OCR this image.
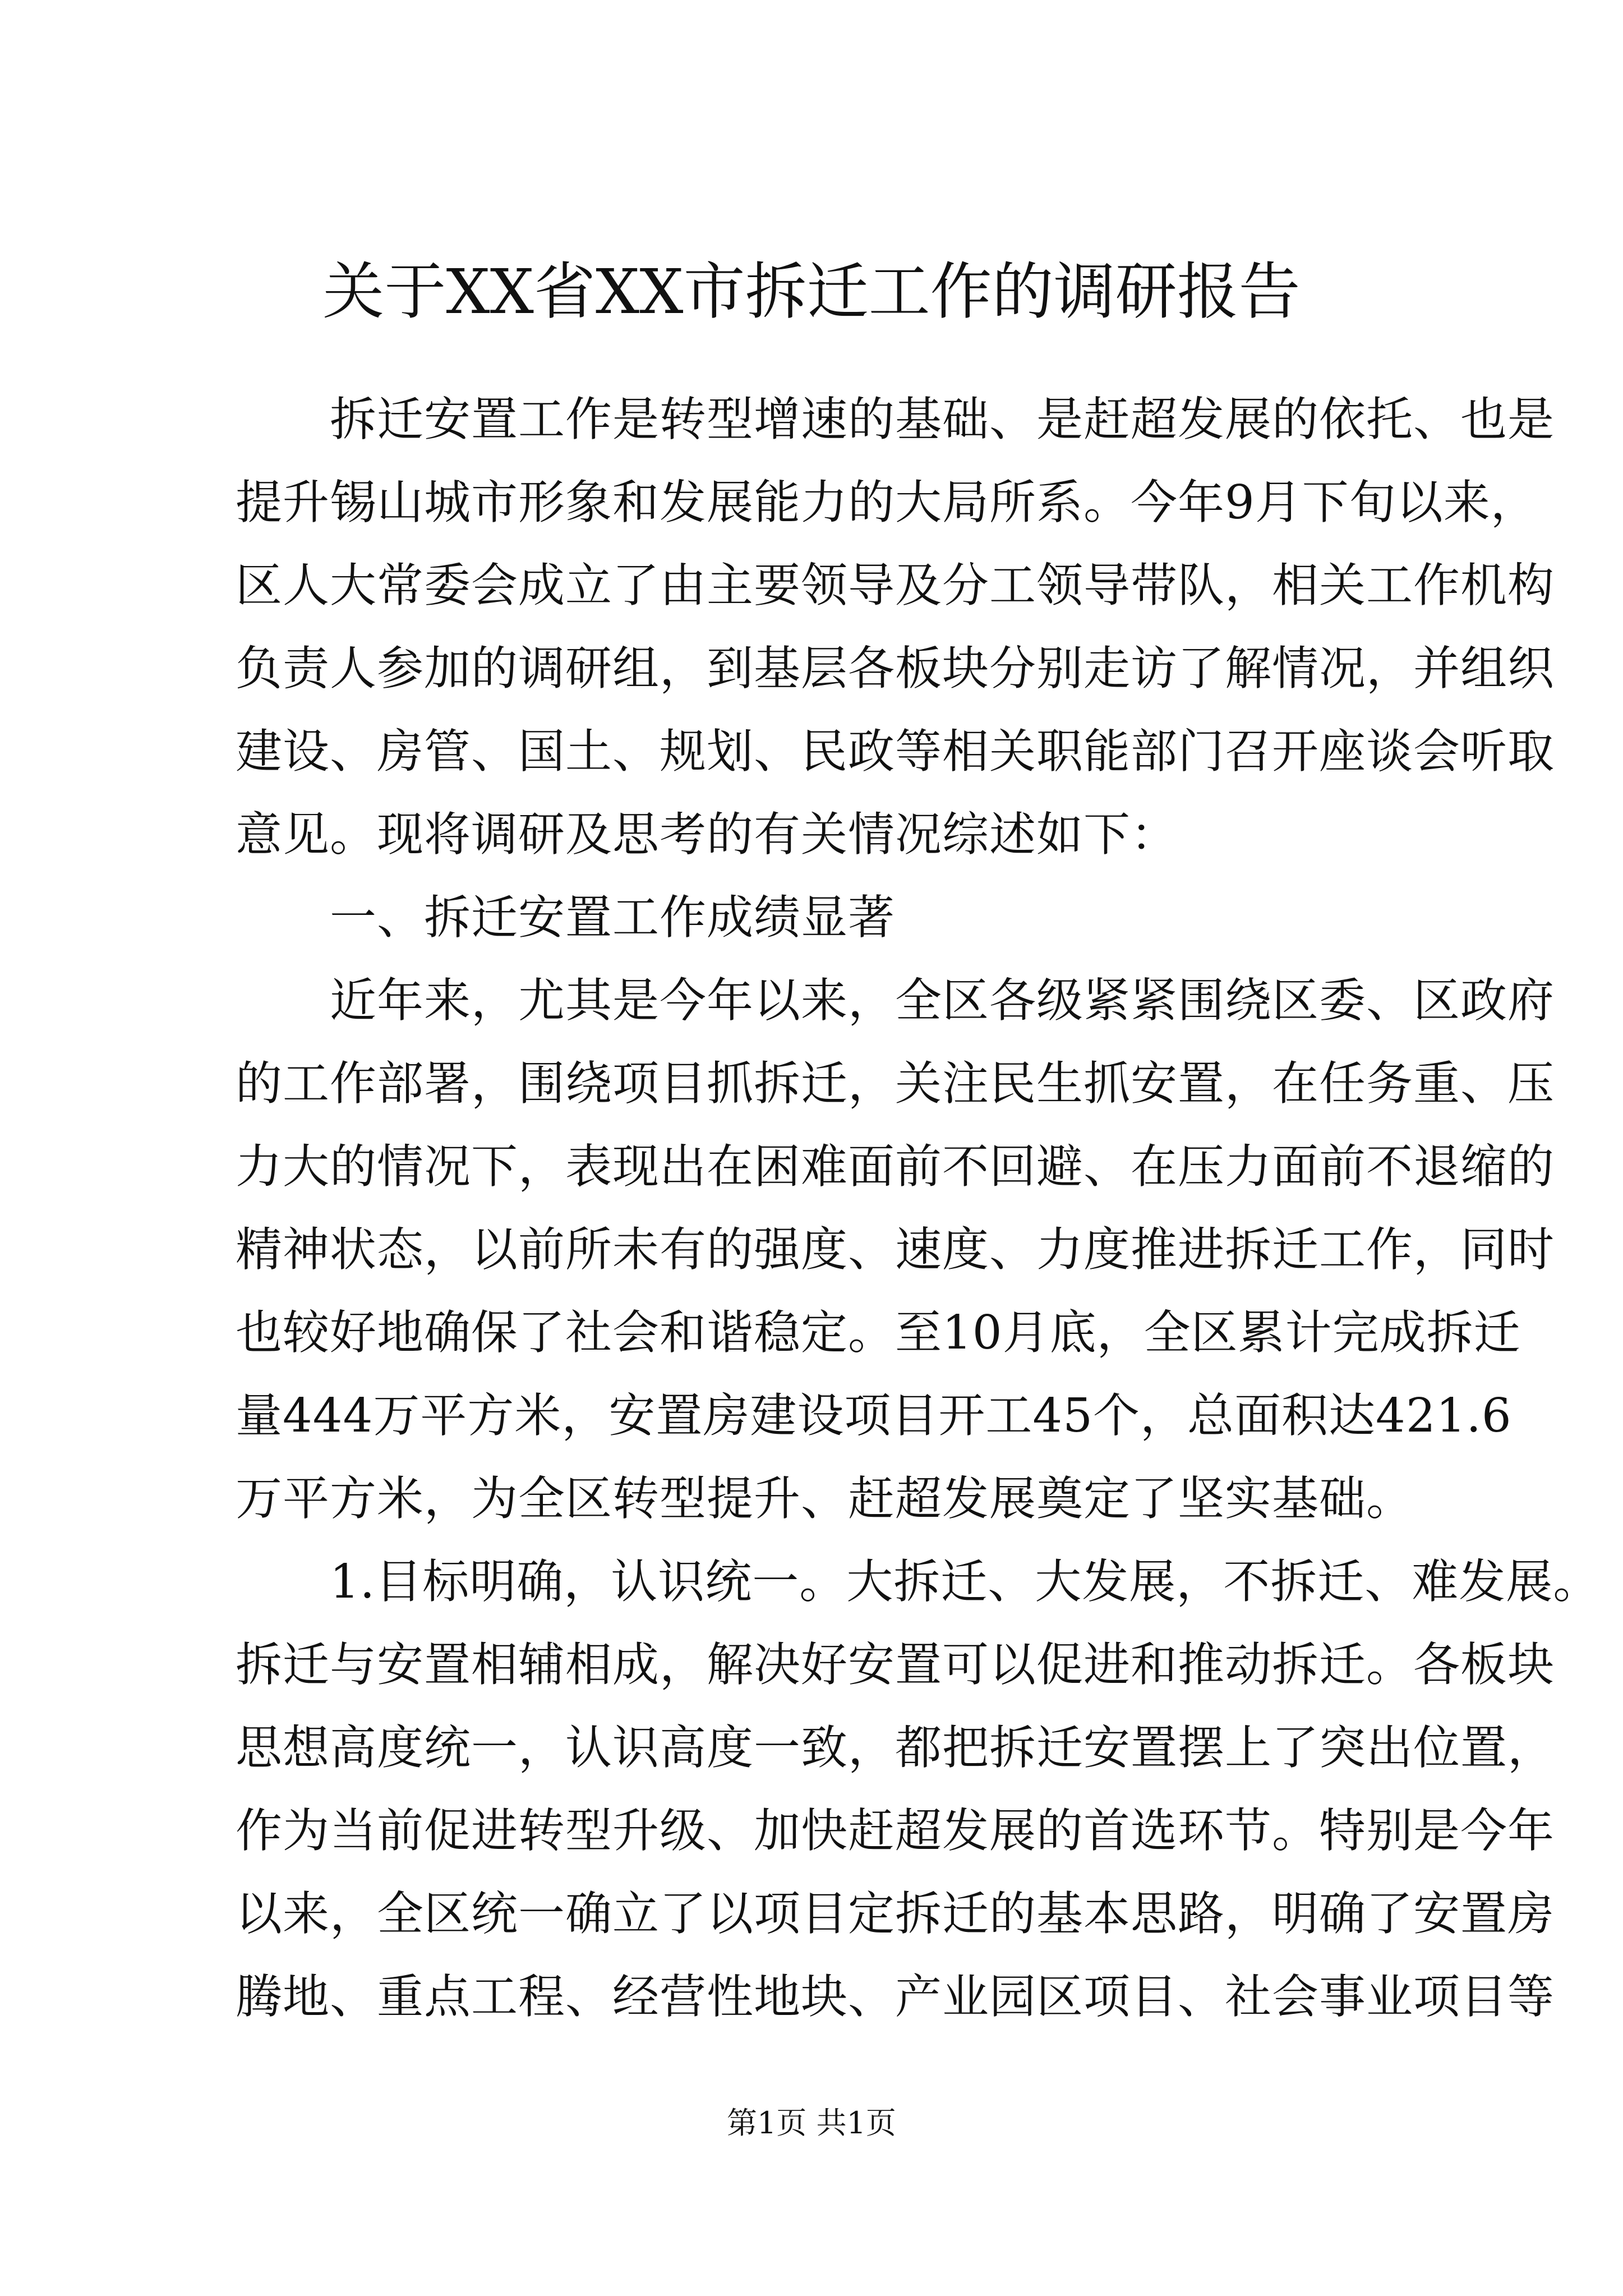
关于XX省XX市拆迁工作的调研报告

　　拆迁安置工作是转型增速的基础、是赶超发展的依托、也是

提升锡山城市形象和发展能力的大局所系。今年9月下旬以来，

区人大常委会成立了由主要领导及分工领导带队，相关工作机构

负责人参加的调研组，到基层各板块分别走访了解情况，并组织

建设、房管、国土、规划、民政等相关职能部门召开座谈会听取

意见。现将调研及思考的有关情况综述如下：

　　一、拆迁安置工作成绩显著

　　近年来，尤其是今年以来，全区各级紧紧围绕区委、区政府

的工作部署，围绕项目抓拆迁，关注民生抓安置，在任务重、压

力大的情况下，表现出在困难面前不回避、在压力面前不退缩的

精神状态，以前所未有的强度、速度、力度推进拆迁工作，同时

也较好地确保了社会和谐稳定。至10月底，全区累计完成拆迁

量444万平方米，安置房建设项目开工45个，总面积达421.6

万平方米，为全区转型提升、赶超发展奠定了坚实基础。

　　1.目标明确，认识统一。大拆迁、大发展，不拆迁、难发展。

拆迁与安置相辅相成，解决好安置可以促进和推动拆迁。各板块

思想高度统一，认识高度一致，都把拆迁安置摆上了突出位置，

作为当前促进转型升级、加快赶超发展的首选环节。特别是今年

以来，全区统一确立了以项目定拆迁的基本思路，明确了安置房

腾地、重点工程、经营性地块、产业园区项目、社会事业项目等

第1页 共1页
